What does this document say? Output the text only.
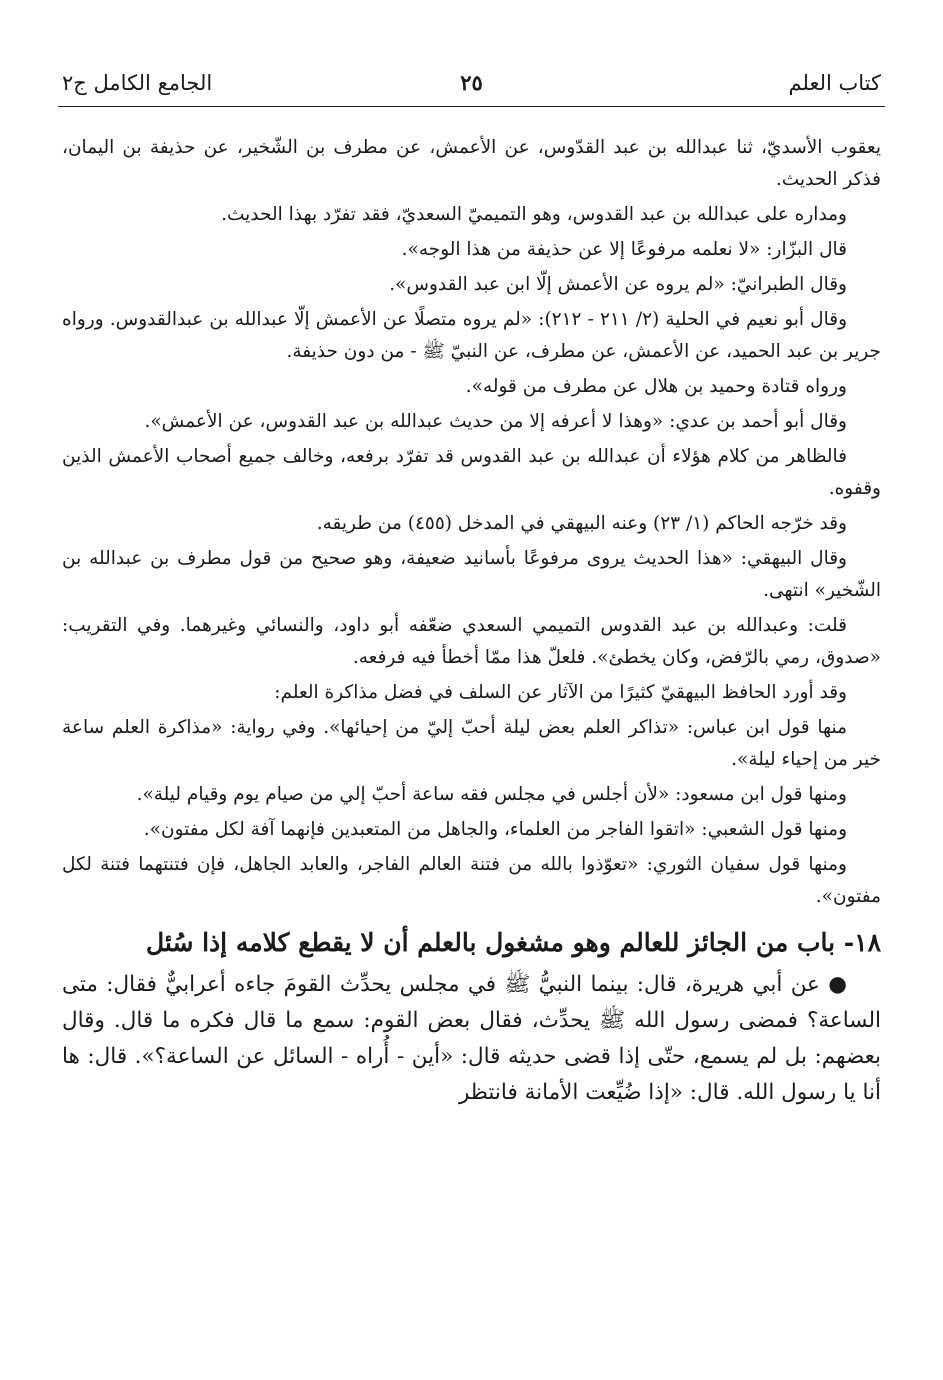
كتاب العلم
٢٥
الجامع الكامل ج٢

يعقوب الأسديّ، ثنا عبدالله بن عبد القدّوس، عن الأعمش، عن مطرف بن الشّخير، عن حذيفة بن اليمان، فذكر الحديث.

ومداره على عبدالله بن عبد القدوس، وهو التميميّ السعديّ، فقد تفرّد بهذا الحديث.

قال البزّار: «لا نعلمه مرفوعًا إلا عن حذيفة من هذا الوجه».

وقال الطبرانيّ: «لم يروه عن الأعمش إلّا ابن عبد القدوس».

وقال أبو نعيم في الحلية (٢/ ٢١١ - ٢١٢): «لم يروه متصلًا عن الأعمش إلّا عبدالله بن عبدالقدوس. ورواه جرير بن عبد الحميد، عن الأعمش، عن مطرف، عن النبيّ ﷺ - من دون حذيفة.

ورواه قتادة وحميد بن هلال عن مطرف من قوله».

وقال أبو أحمد بن عدي: «وهذا لا أعرفه إلا من حديث عبدالله بن عبد القدوس، عن الأعمش».

فالظاهر من كلام هؤلاء أن عبدالله بن عبد القدوس قد تفرّد برفعه، وخالف جميع أصحاب الأعمش الذين وقفوه.

وقد خرّجه الحاكم (١/ ٢٣) وعنه البيهقي في المدخل (٤٥٥) من طريقه.

وقال البيهقي: «هذا الحديث يروى مرفوعًا بأسانيد ضعيفة، وهو صحيح من قول مطرف بن عبدالله بن الشّخير» انتهى.

قلت: وعبدالله بن عبد القدوس التميمي السعدي ضعّفه أبو داود، والنسائي وغيرهما. وفي التقريب: «صدوق، رمي بالرّفض، وكان يخطئ». فلعلّ هذا ممّا أخطأ فيه فرفعه.

وقد أورد الحافظ البيهقيّ كثيرًا من الآثار عن السلف في فضل مذاكرة العلم:

منها قول ابن عباس: «تذاكر العلم بعض ليلة أحبّ إليّ من إحيائها». وفي رواية: «مذاكرة العلم ساعة خير من إحياء ليلة».

ومنها قول ابن مسعود: «لأن أجلس في مجلس فقه ساعة أحبّ إلي من صيام يوم وقيام ليلة».

ومنها قول الشعبي: «اتقوا الفاجر من العلماء، والجاهل من المتعبدين فإنهما آفة لكل مفتون».

ومنها قول سفيان الثوري: «تعوّذوا بالله من فتنة العالم الفاجر، والعابد الجاهل، فإن فتنتهما فتنة لكل مفتون».

١٨- باب من الجائز للعالم وهو مشغول بالعلم أن لا يقطع كلامه إذا سُئل

● عن أبي هريرة، قال: بينما النبيُّ ﷺ في مجلس يحدِّث القومَ جاءه أعرابيٌّ فقال: متى الساعة؟ فمضى رسول الله ﷺ يحدِّث، فقال بعض القوم: سمع ما قال فكره ما قال. وقال بعضهم: بل لم يسمع، حتّى إذا قضى حديثه قال: «أين - أُراه - السائل عن الساعة؟». قال: ها أنا يا رسول الله. قال: «إذا ضُيِّعت الأمانة فانتظر
